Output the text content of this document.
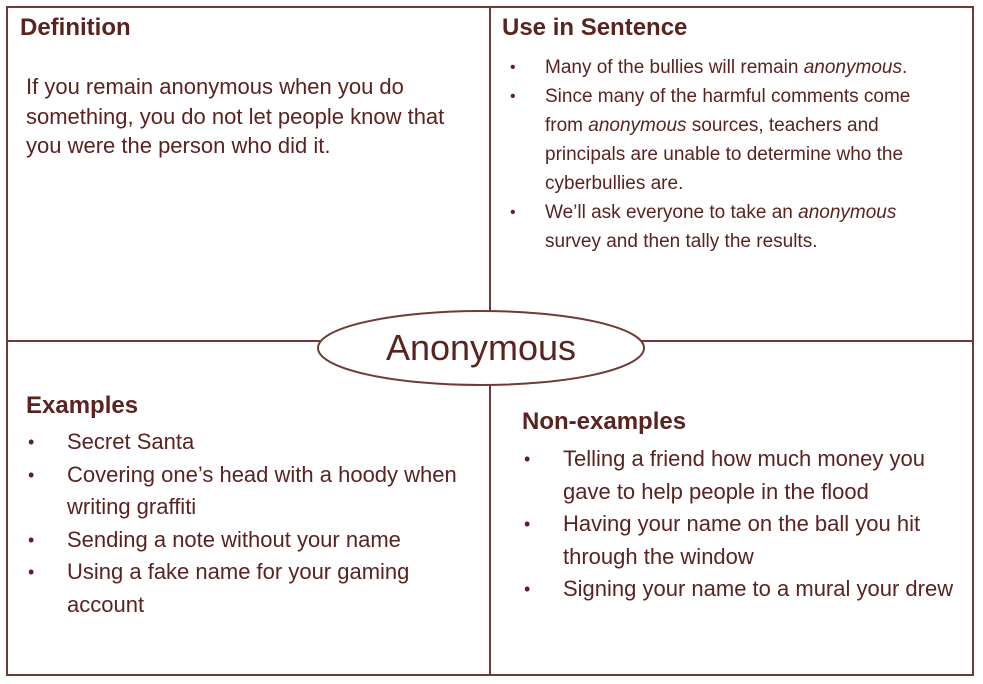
Definition

If you remain anonymous when you do something, you do not let people know that you were the person who did it.

Use in Sentence
• Many of the bullies will remain anonymous.
• Since many of the harmful comments come from anonymous sources, teachers and principals are unable to determine who the cyberbullies are.
• We’ll ask everyone to take an anonymous survey and then tally the results.
Anonymous
Examples
• Secret Santa
• Covering one’s head with a hoody when writing graffiti
• Sending a note without your name
• Using a fake name for your gaming account
Non-examples
• Telling a friend how much money you gave to help people in the flood
• Having your name on the ball you hit through the window
• Signing your name to a mural your drew
